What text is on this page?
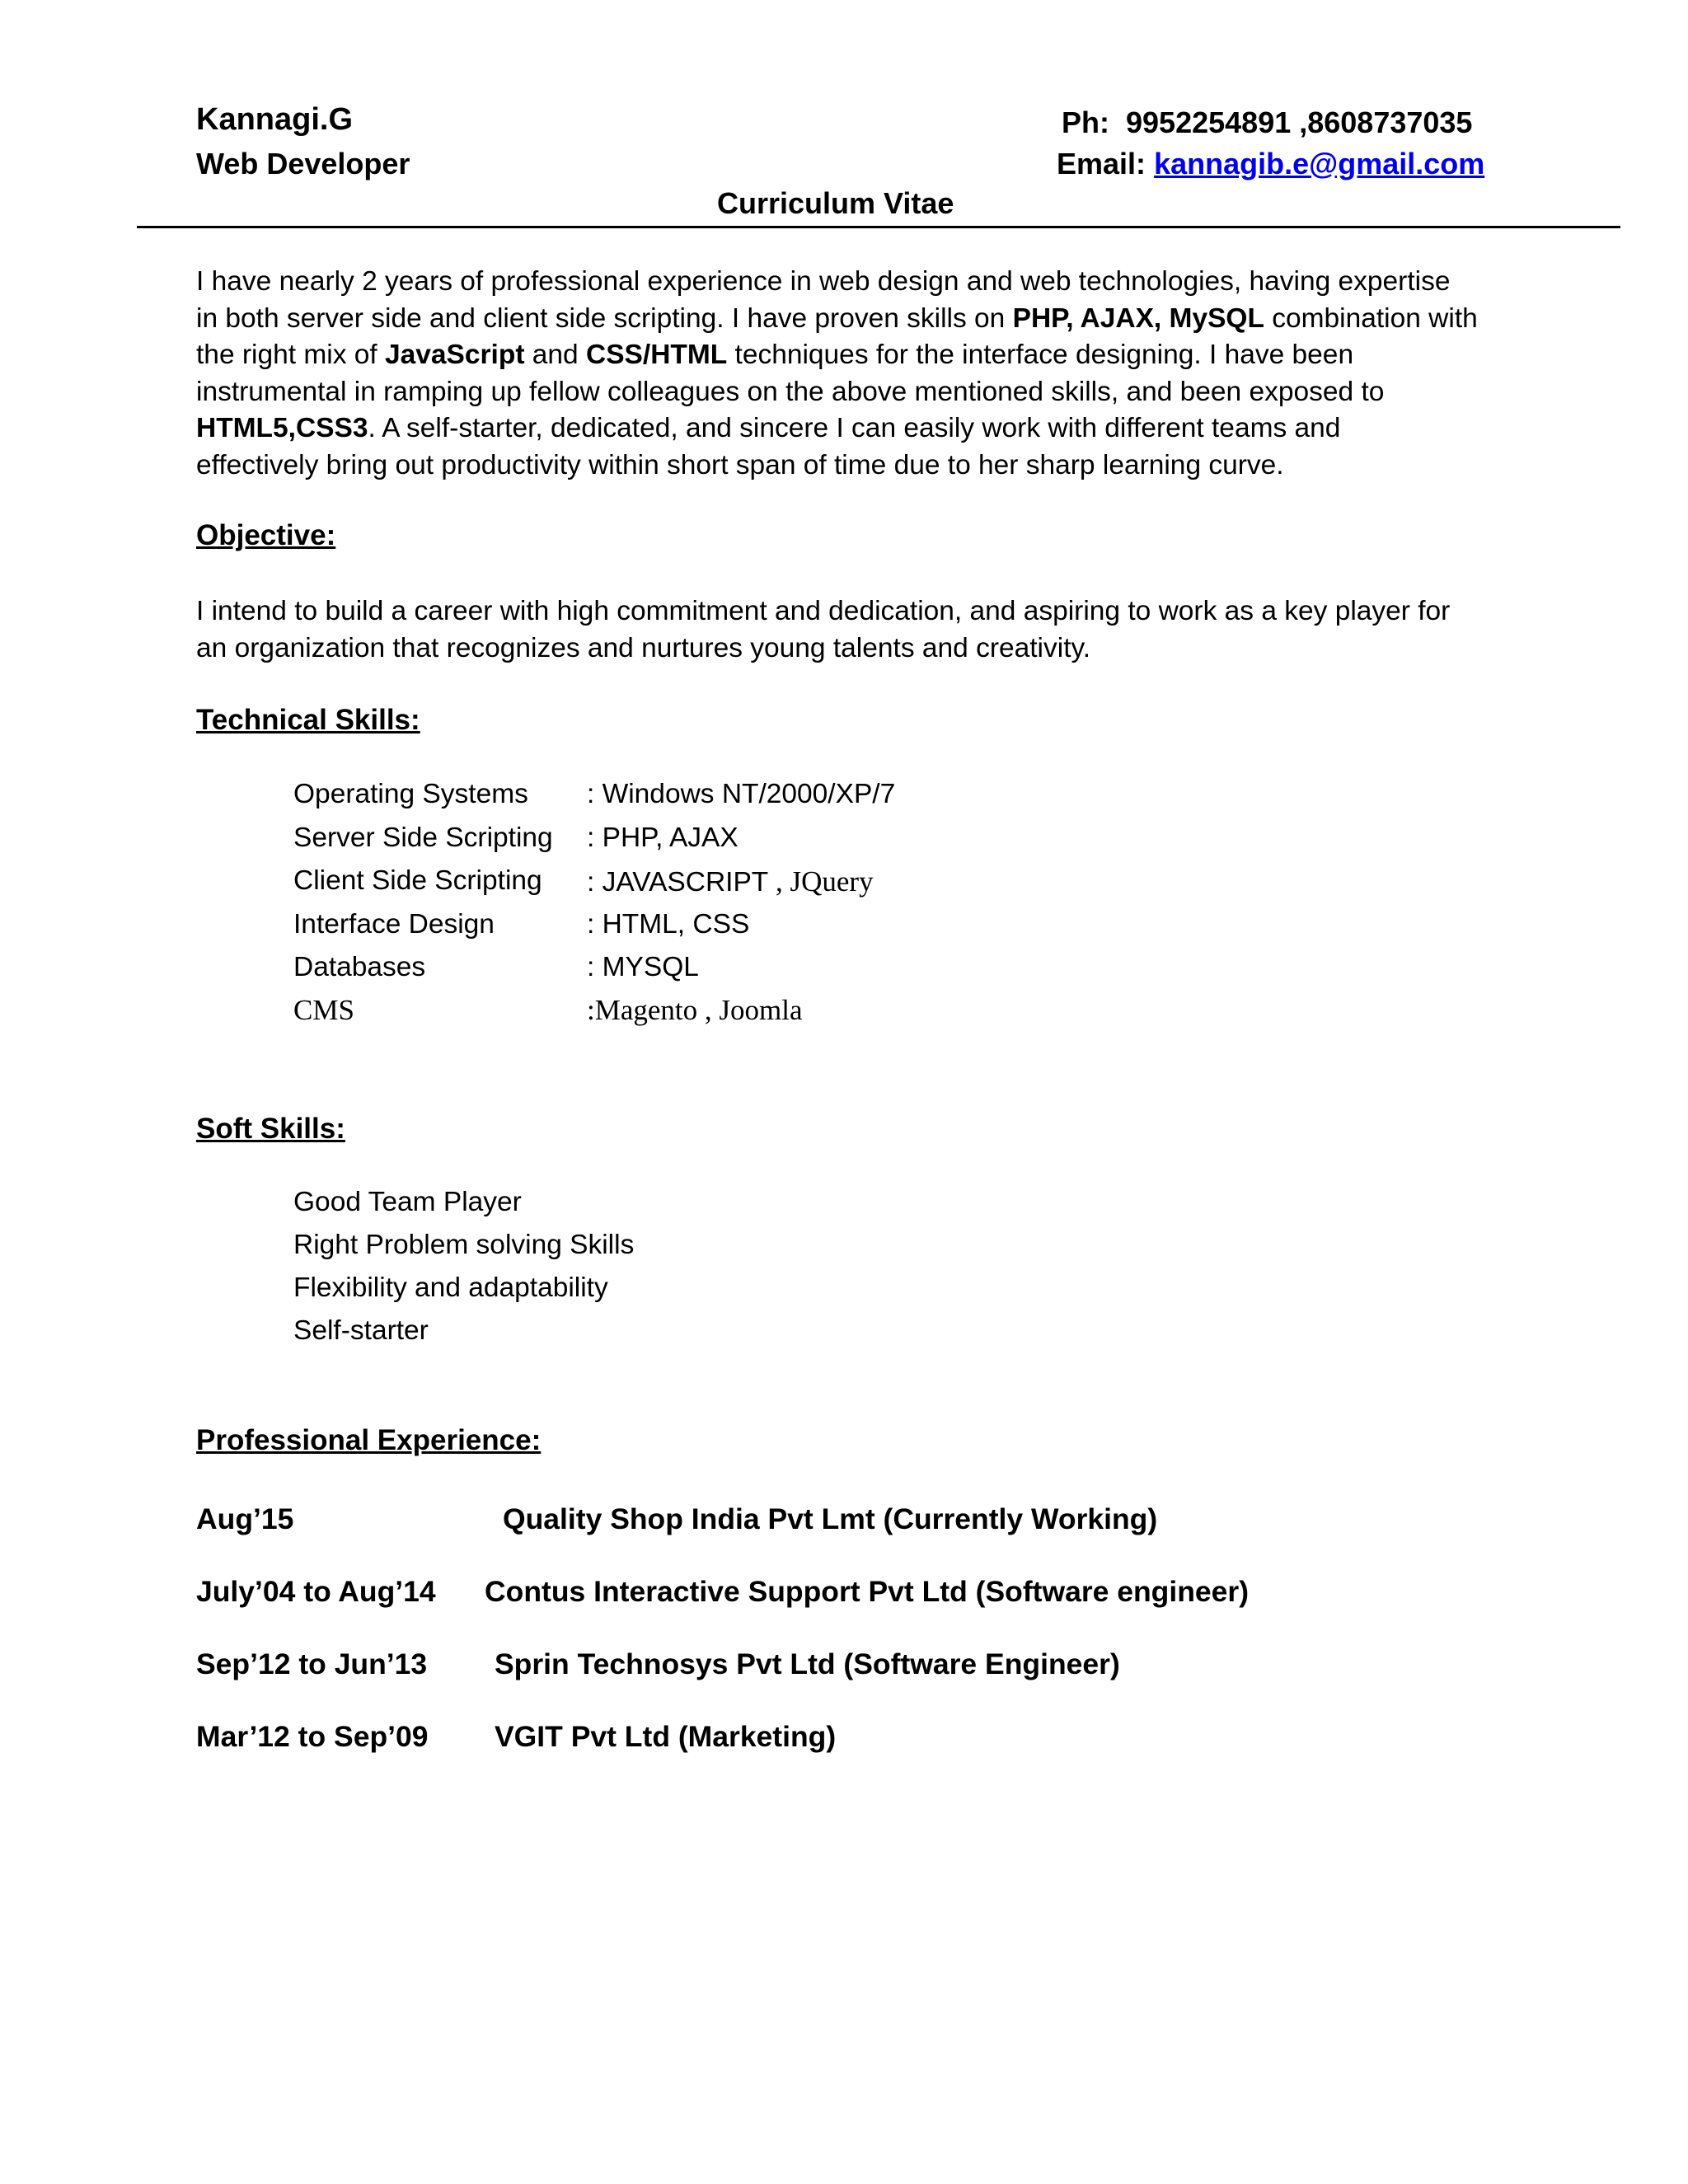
Kannagi.G
Web Developer
Ph: 9952254891 ,8608737035
Email: kannagib.e@gmail.com
Curriculum Vitae
I have nearly 2 years of professional experience in web design and web technologies, having expertise
in both server side and client side scripting. I have proven skills on PHP, AJAX, MySQL combination with
the right mix of JavaScript and CSS/HTML techniques for the interface designing. I have been
instrumental in ramping up fellow colleagues on the above mentioned skills, and been exposed to
HTML5,CSS3. A self-starter, dedicated, and sincere I can easily work with different teams and
effectively bring out productivity within short span of time due to her sharp learning curve.
Objective:
I intend to build a career with high commitment and dedication, and aspiring to work as a key player for
an organization that recognizes and nurtures young talents and creativity.
Technical Skills:
Operating Systems : Windows NT/2000/XP/7
Server Side Scripting : PHP, AJAX
Client Side Scripting : JAVASCRIPT , JQuery
Interface Design	: HTML, CSS
Databases	: MYSQL
CMS	:Magento , Joomla
Soft Skills:
Good Team Player
Right Problem solving Skills
Flexibility and adaptability
Self-starter
Professional Experience:
Aug’15	Quality Shop India Pvt Lmt (Currently Working)
July’04 to Aug’14 Contus Interactive Support Pvt Ltd (Software engineer)
Sep’12 to Jun’13 Sprin Technosys Pvt Ltd (Software Engineer)
Mar’12 to Sep’09 VGIT Pvt Ltd (Marketing)
